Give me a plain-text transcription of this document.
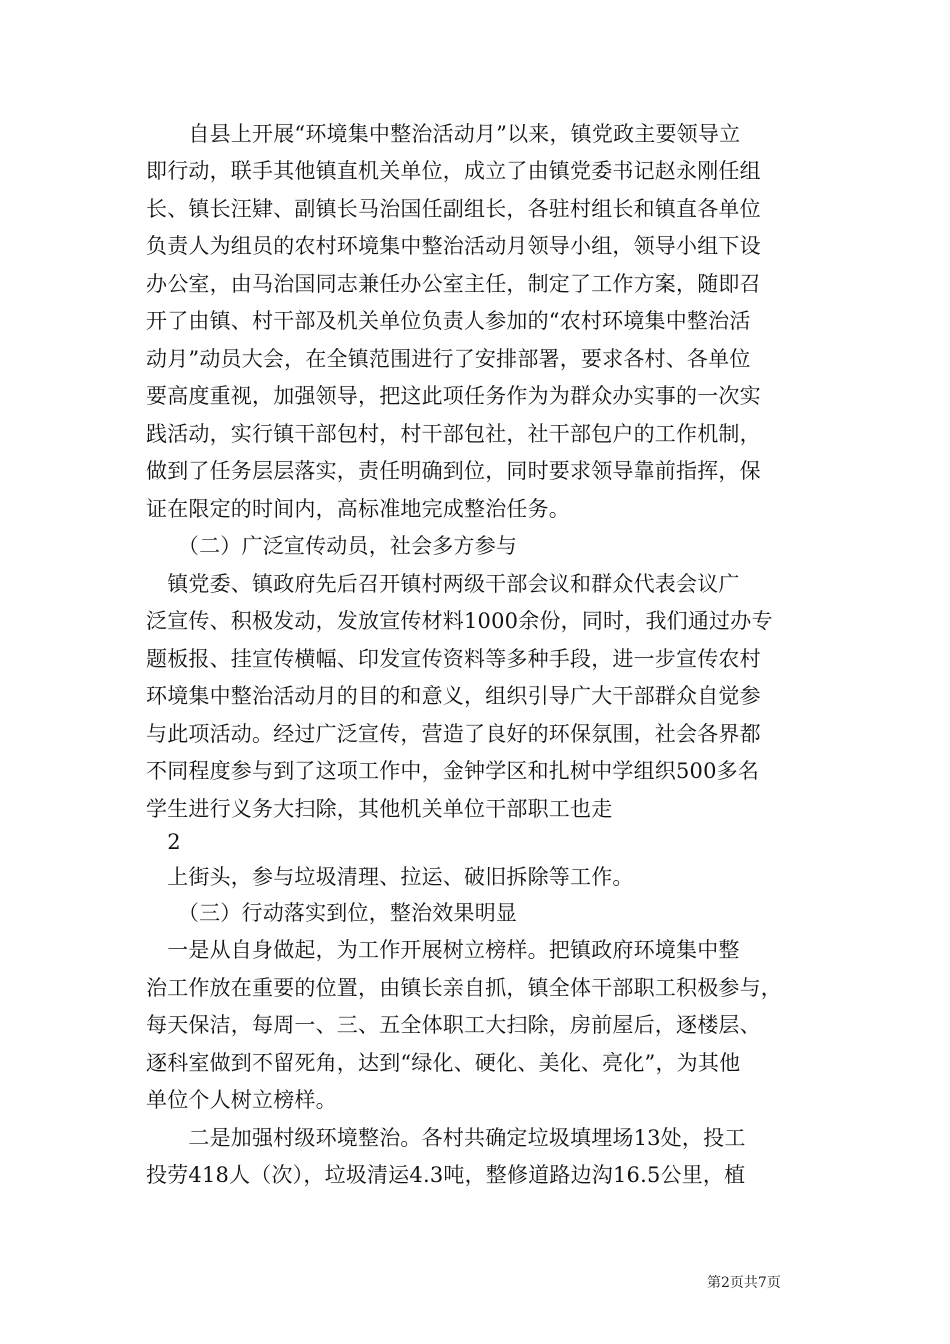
　　自县上开展“环境集中整治活动月”以来，镇党政主要领导立
即行动，联手其他镇直机关单位，成立了由镇党委书记赵永刚任组
长、镇长汪肄、副镇长马治国任副组长，各驻村组长和镇直各单位
负责人为组员的农村环境集中整治活动月领导小组，领导小组下设
办公室，由马治国同志兼任办公室主任，制定了工作方案，随即召
开了由镇、村干部及机关单位负责人参加的“农村环境集中整治活
动月”动员大会，在全镇范围进行了安排部署，要求各村、各单位
要高度重视，加强领导，把这此项任务作为为群众办实事的一次实
践活动，实行镇干部包村，村干部包社，社干部包户的工作机制，
做到了任务层层落实，责任明确到位，同时要求领导靠前指挥，保
证在限定的时间内，高标准地完成整治任务。
　　（二）广泛宣传动员，社会多方参与
　镇党委、镇政府先后召开镇村两级干部会议和群众代表会议广
泛宣传、积极发动，发放宣传材料1000余份，同时，我们通过办专
题板报、挂宣传横幅、印发宣传资料等多种手段，进一步宣传农村
环境集中整治活动月的目的和意义，组织引导广大干部群众自觉参
与此项活动。经过广泛宣传，营造了良好的环保氛围，社会各界都
不同程度参与到了这项工作中，金钟学区和扎树中学组织500多名
学生进行义务大扫除，其他机关单位干部职工也走
　2
　上街头，参与垃圾清理、拉运、破旧拆除等工作。
　　（三）行动落实到位，整治效果明显
　一是从自身做起，为工作开展树立榜样。把镇政府环境集中整
治工作放在重要的位置，由镇长亲自抓，镇全体干部职工积极参与，
每天保洁，每周一、三、五全体职工大扫除，房前屋后，逐楼层、
逐科室做到不留死角，达到“绿化、硬化、美化、亮化”，为其他
单位个人树立榜样。
　　二是加强村级环境整治。各村共确定垃圾填埋场13处，投工
投劳418人（次），垃圾清运4.3吨，整修道路边沟16.5公里，植
第2页共7页
